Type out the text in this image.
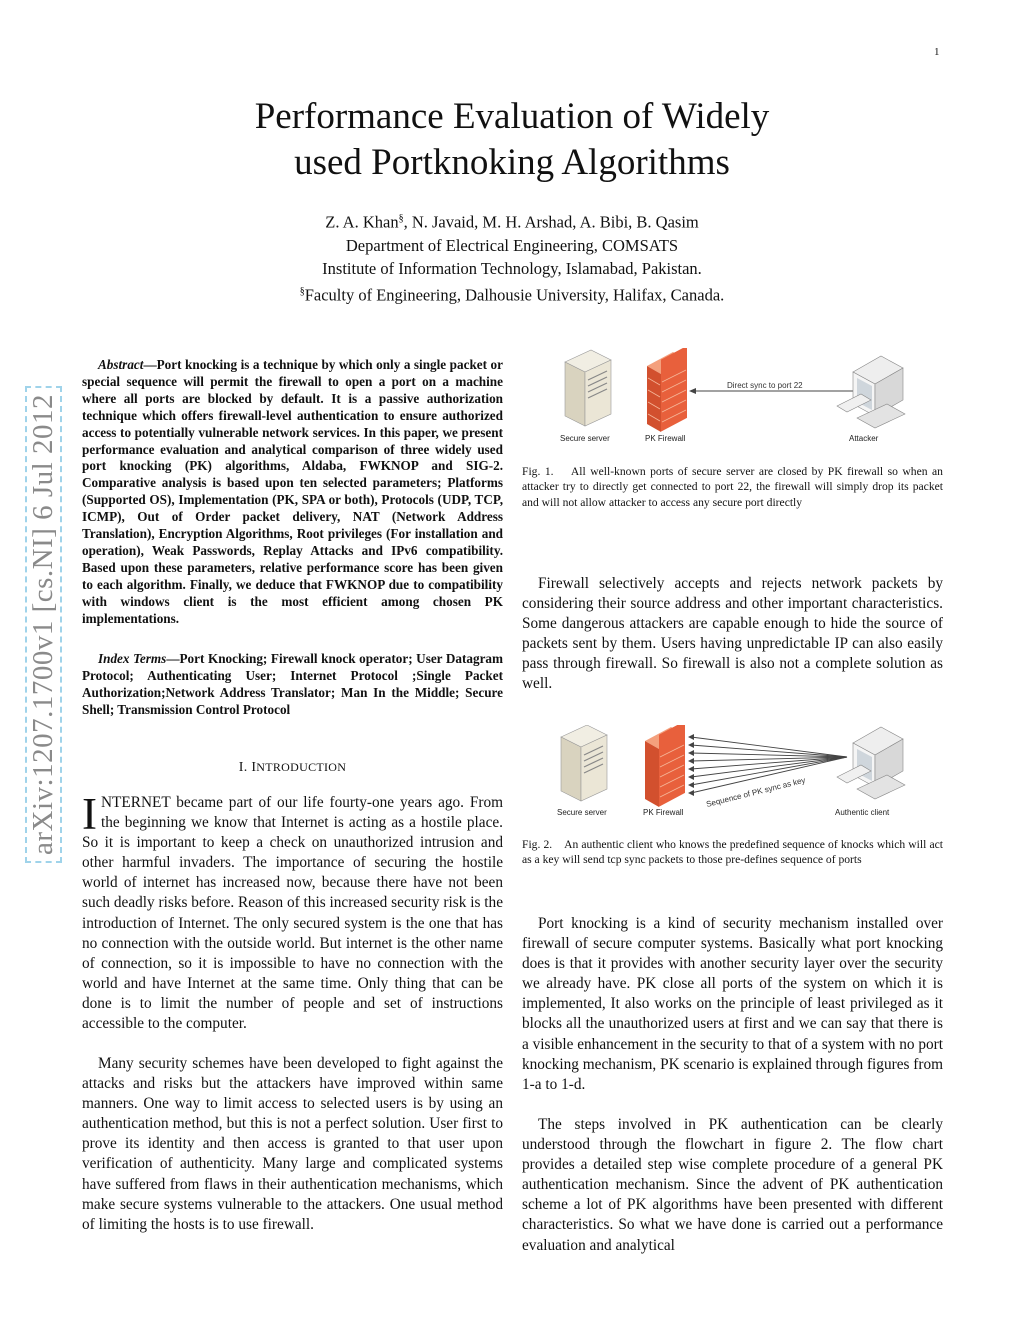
1
Performance Evaluation of Widely
used Portknoking Algorithms
Z. A. Khan§, N. Javaid, M. H. Arshad, A. Bibi, B. Qasim
Department of Electrical Engineering, COMSATS
Institute of Information Technology, Islamabad, Pakistan.
§Faculty of Engineering, Dalhousie University, Halifax, Canada.
arXiv:1207.1700v1 [cs.NI] 6 Jul 2012
Abstract—Port knocking is a technique by which only a single packet or special sequence will permit the firewall to open a port on a machine where all ports are blocked by default. It is a passive authorization technique which offers firewall-level authentication to ensure authorized access to potentially vulnerable network services. In this paper, we present performance evaluation and analytical comparison of three widely used port knocking (PK) algorithms, Aldaba, FWKNOP and SIG-2. Comparative analysis is based upon ten selected parameters; Platforms (Supported OS), Implementation (PK, SPA or both), Protocols (UDP, TCP, ICMP), Out of Order packet delivery, NAT (Network Address Translation), Encryption Algorithms, Root privileges (For installation and operation), Weak Passwords, Replay Attacks and IPv6 compatibility. Based upon these parameters, relative performance score has been given to each algorithm. Finally, we deduce that FWKNOP due to compatibility with windows client is the most efficient among chosen PK implementations.
Index Terms—Port Knocking; Firewall knock operator; User Datagram Protocol; Authenticating User; Internet Protocol ;Single Packet Authorization;Network Address Translator; Man In the Middle; Secure Shell; Transmission Control Protocol
I. INTRODUCTION
INTERNET became part of our life fourty-one years ago. From the beginning we know that Internet is acting as a hostile place. So it is important to keep a check on unauthorized intrusion and other harmful invaders. The importance of securing the hostile world of internet has increased now, because there have not been such deadly risks before. Reason of this increased security risk is the introduction of Internet. The only secured system is the one that has no connection with the outside world. But internet is the other name of connection, so it is impossible to have no connection with the world and have Internet at the same time. Only thing that can be done is to limit the number of people and set of instructions accessible to the computer.
Many security schemes have been developed to fight against the attacks and risks but the attackers have improved within same manners. One way to limit access to selected users is by using an authentication method, but this is not a perfect solution. User first to prove its identity and then access is granted to that user upon verification of authenticity. Many large and complicated systems have suffered from flaws in their authentication mechanisms, which make secure systems vulnerable to the attackers. One usual method of limiting the hosts is to use firewall.
Direct sync to port 22
Secure server	PK Firewall	Attacker
Fig. 1. All well-known ports of secure server are closed by PK firewall so when an attacker try to directly get connected to port 22, the firewall will simply drop its packet and will not allow attacker to access any secure port directly
Firewall selectively accepts and rejects network packets by considering their source address and other important characteristics. Some dangerous attackers are capable enough to hide the source of packets sent by them. Users having unpredictable IP can also easily pass through firewall. So firewall is also not a complete solution as well.
Sequence of PK sync as key
Secure server	PK Firewall	Authentic client
Fig. 2. An authentic client who knows the predefined sequence of knocks which will act as a key will send tcp sync packets to those pre-defines sequence of ports
Port knocking is a kind of security mechanism installed over firewall of secure computer systems. Basically what port knocking does is that it provides with another security layer over the security we already have. PK close all ports of the system on which it is implemented, It also works on the principle of least privileged as it blocks all the unauthorized users at first and we can say that there is a visible enhancement in the security to that of a system with no port knocking mechanism, PK scenario is explained through figures from 1-a to 1-d.
The steps involved in PK authentication can be clearly understood through the flowchart in figure 2. The flow chart provides a detailed step wise complete procedure of a general PK authentication mechanism. Since the advent of PK authentication scheme a lot of PK algorithms have been presented with different characteristics. So what we have done is carried out a performance evaluation and analytical
